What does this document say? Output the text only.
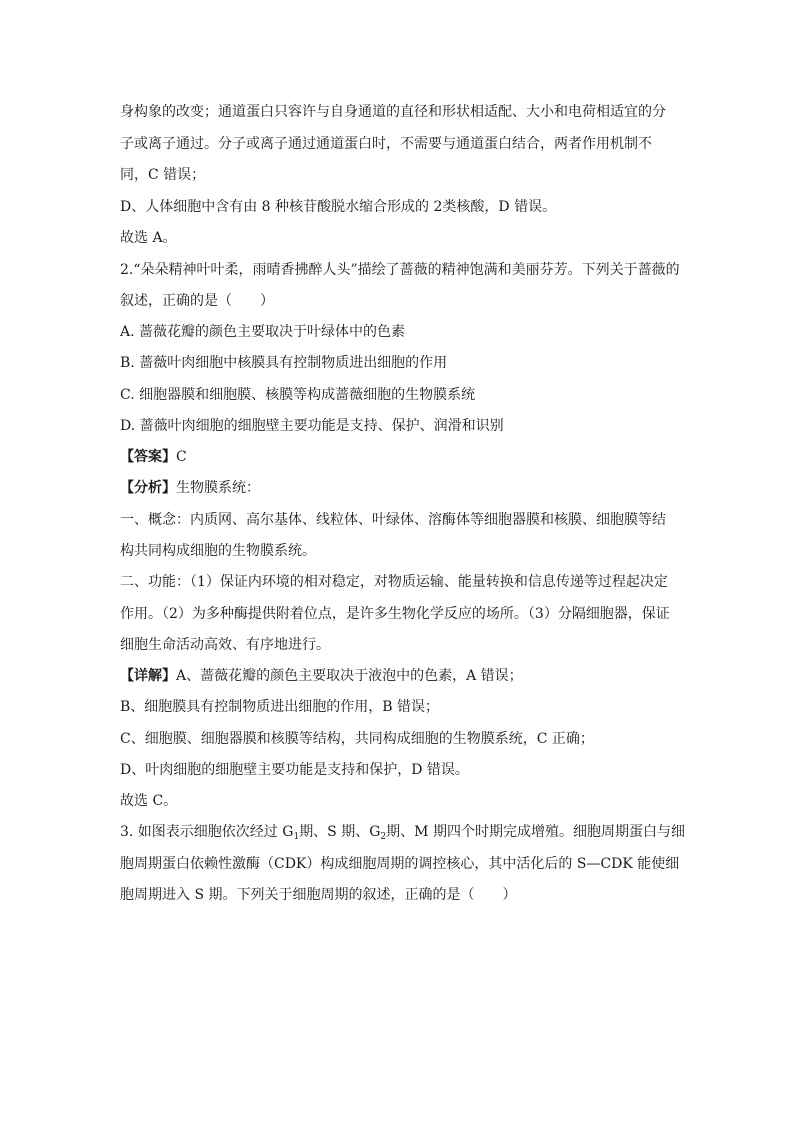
身构象的改变；通道蛋白只容许与自身通道的直径和形状相适配、大小和电荷相适宜的分
子或离子通过。分子或离子通过通道蛋白时，不需要与通道蛋白结合，两者作用机制不
同，C 错误；
D、人体细胞中含有由 8 种核苷酸脱水缩合形成的 2类核酸，D 错误。
故选 A。
2.“朵朵精神叶叶柔，雨晴香拂醉人头”描绘了蔷薇的精神饱满和美丽芬芳。下列关于蔷薇的
叙述，正确的是（　　）
A. 蔷薇花瓣的颜色主要取决于叶绿体中的色素
B. 蔷薇叶肉细胞中核膜具有控制物质进出细胞的作用
C. 细胞器膜和细胞膜、核膜等构成蔷薇细胞的生物膜系统
D. 蔷薇叶肉细胞的细胞壁主要功能是支持、保护、润滑和识别
【答案】C
【分析】生物膜系统：
一、概念：内质网、高尔基体、线粒体、叶绿体、溶酶体等细胞器膜和核膜、细胞膜等结
构共同构成细胞的生物膜系统。
二、功能：（1）保证内环境的相对稳定，对物质运输、能量转换和信息传递等过程起决定
作用。（2）为多种酶提供附着位点，是许多生物化学反应的场所。（3）分隔细胞器，保证
细胞生命活动高效、有序地进行。
【详解】A、蔷薇花瓣的颜色主要取决于液泡中的色素，A 错误；
B、细胞膜具有控制物质进出细胞的作用，B 错误；
C、细胞膜、细胞器膜和核膜等结构，共同构成细胞的生物膜系统，C 正确；
D、叶肉细胞的细胞壁主要功能是支持和保护，D 错误。
故选 C。
3. 如图表示细胞依次经过 $G_1$期、S 期、$G_2$期、M 期四个时期完成增殖。细胞周期蛋白与细
胞周期蛋白依赖性激酶（CDK）构成细胞周期的调控核心，其中活化后的 S—CDK 能使细
胞周期进入 S 期。下列关于细胞周期的叙述，正确的是（　　）
